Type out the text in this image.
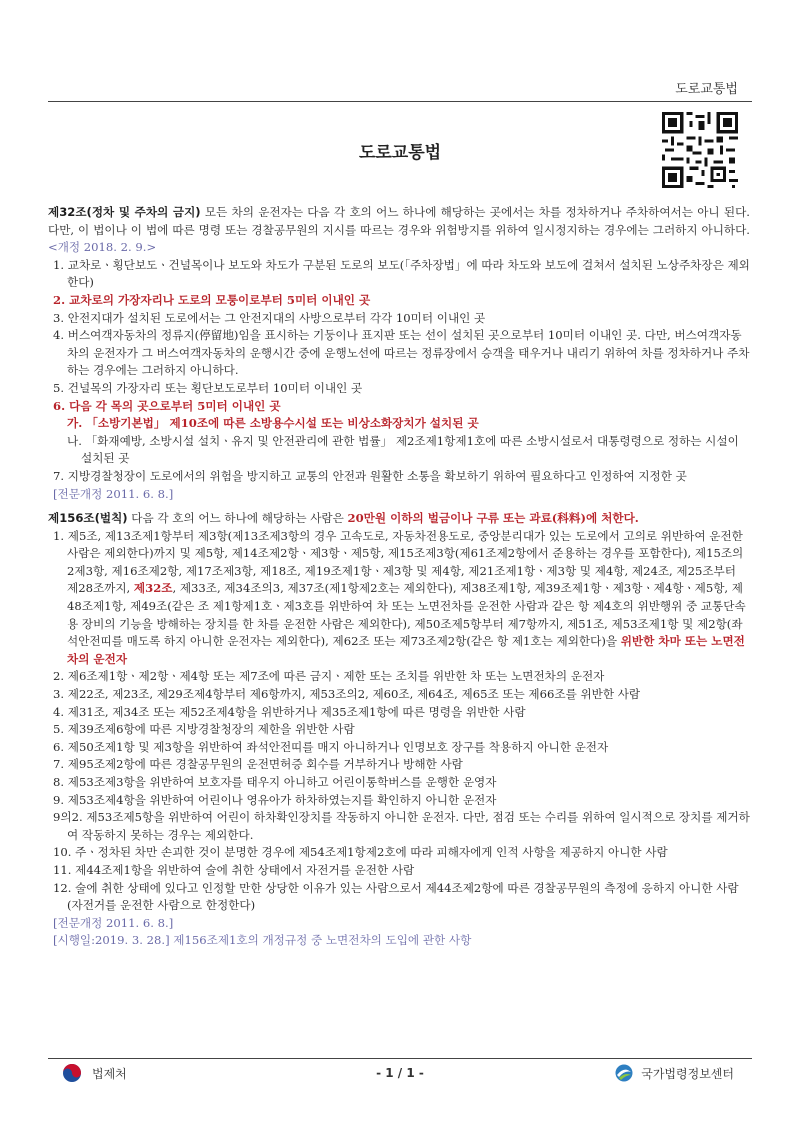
도로교통법
도로교통법

제32조(정차 및 주차의 금지) 모든 차의 운전자는 다음 각 호의 어느 하나에 해당하는 곳에서는 차를 정차하거나 주차하여서는 아니 된다. 다만, 이 법이나 이 법에 따른 명령 또는 경찰공무원의 지시를 따르는 경우와 위험방지를 위하여 일시정지하는 경우에는 그러하지 아니하다. <개정 2018. 2. 9.>

1. 교차로ㆍ횡단보도ㆍ건널목이나 보도와 차도가 구분된 도로의 보도(「주차장법」에 따라 차도와 보도에 걸쳐서 설치된 노상주차장은 제외한다)
2. 교차로의 가장자리나 도로의 모퉁이로부터 5미터 이내인 곳
3. 안전지대가 설치된 도로에서는 그 안전지대의 사방으로부터 각각 10미터 이내인 곳
4. 버스여객자동차의 정류지(停留地)임을 표시하는 기둥이나 표지판 또는 선이 설치된 곳으로부터 10미터 이내인 곳. 다만, 버스여객자동차의 운전자가 그 버스여객자동차의 운행시간 중에 운행노선에 따르는 정류장에서 승객을 태우거나 내리기 위하여 차를 정차하거나 주차하는 경우에는 그러하지 아니하다.
5. 건널목의 가장자리 또는 횡단보도로부터 10미터 이내인 곳
6. 다음 각 목의 곳으로부터 5미터 이내인 곳
가. 「소방기본법」 제10조에 따른 소방용수시설 또는 비상소화장치가 설치된 곳
나. 「화재예방, 소방시설 설치ㆍ유지 및 안전관리에 관한 법률」 제2조제1항제1호에 따른 소방시설로서 대통령령으로 정하는 시설이 설치된 곳
7. 지방경찰청장이 도로에서의 위험을 방지하고 교통의 안전과 원활한 소통을 확보하기 위하여 필요하다고 인정하여 지정한 곳
[전문개정 2011. 6. 8.]

제156조(벌칙) 다음 각 호의 어느 하나에 해당하는 사람은 20만원 이하의 벌금이나 구류 또는 과료(科料)에 처한다.

1. 제5조, 제13조제1항부터 제3항(제13조제3항의 경우 고속도로, 자동차전용도로, 중앙분리대가 있는 도로에서 고의로 위반하여 운전한 사람은 제외한다)까지 및 제5항, 제14조제2항ㆍ제3항ㆍ제5항, 제15조제3항(제61조제2항에서 준용하는 경우를 포함한다), 제15조의2제3항, 제16조제2항, 제17조제3항, 제18조, 제19조제1항ㆍ제3항 및 제4항, 제21조제1항ㆍ제3항 및 제4항, 제24조, 제25조부터 제28조까지, 제32조, 제33조, 제34조의3, 제37조(제1항제2호는 제외한다), 제38조제1항, 제39조제1항ㆍ제3항ㆍ제4항ㆍ제5항, 제48조제1항, 제49조(같은 조 제1항제1호ㆍ제3호를 위반하여 차 또는 노면전차를 운전한 사람과 같은 항 제4호의 위반행위 중 교통단속용 장비의 기능을 방해하는 장치를 한 차를 운전한 사람은 제외한다), 제50조제5항부터 제7항까지, 제51조, 제53조제1항 및 제2항(좌석안전띠를 매도록 하지 아니한 운전자는 제외한다), 제62조 또는 제73조제2항(같은 항 제1호는 제외한다)을 위반한 차마 또는 노면전차의 운전자
2. 제6조제1항ㆍ제2항ㆍ제4항 또는 제7조에 따른 금지ㆍ제한 또는 조치를 위반한 차 또는 노면전차의 운전자
3. 제22조, 제23조, 제29조제4항부터 제6항까지, 제53조의2, 제60조, 제64조, 제65조 또는 제66조를 위반한 사람
4. 제31조, 제34조 또는 제52조제4항을 위반하거나 제35조제1항에 따른 명령을 위반한 사람
5. 제39조제6항에 따른 지방경찰청장의 제한을 위반한 사람
6. 제50조제1항 및 제3항을 위반하여 좌석안전띠를 매지 아니하거나 인명보호 장구를 착용하지 아니한 운전자
7. 제95조제2항에 따른 경찰공무원의 운전면허증 회수를 거부하거나 방해한 사람
8. 제53조제3항을 위반하여 보호자를 태우지 아니하고 어린이통학버스를 운행한 운영자
9. 제53조제4항을 위반하여 어린이나 영유아가 하차하였는지를 확인하지 아니한 운전자
9의2. 제53조제5항을 위반하여 어린이 하차확인장치를 작동하지 아니한 운전자. 다만, 점검 또는 수리를 위하여 일시적으로 장치를 제거하여 작동하지 못하는 경우는 제외한다.
10. 주ㆍ정차된 차만 손괴한 것이 분명한 경우에 제54조제1항제2호에 따라 피해자에게 인적 사항을 제공하지 아니한 사람
11. 제44조제1항을 위반하여 술에 취한 상태에서 자전거를 운전한 사람
12. 술에 취한 상태에 있다고 인정할 만한 상당한 이유가 있는 사람으로서 제44조제2항에 따른 경찰공무원의 측정에 응하지 아니한 사람(자전거를 운전한 사람으로 한정한다)
[전문개정 2011. 6. 8.]
[시행일:2019. 3. 28.] 제156조제1호의 개정규정 중 노면전차의 도입에 관한 사항
법제처	- 1 / 1 -	국가법령정보센터
